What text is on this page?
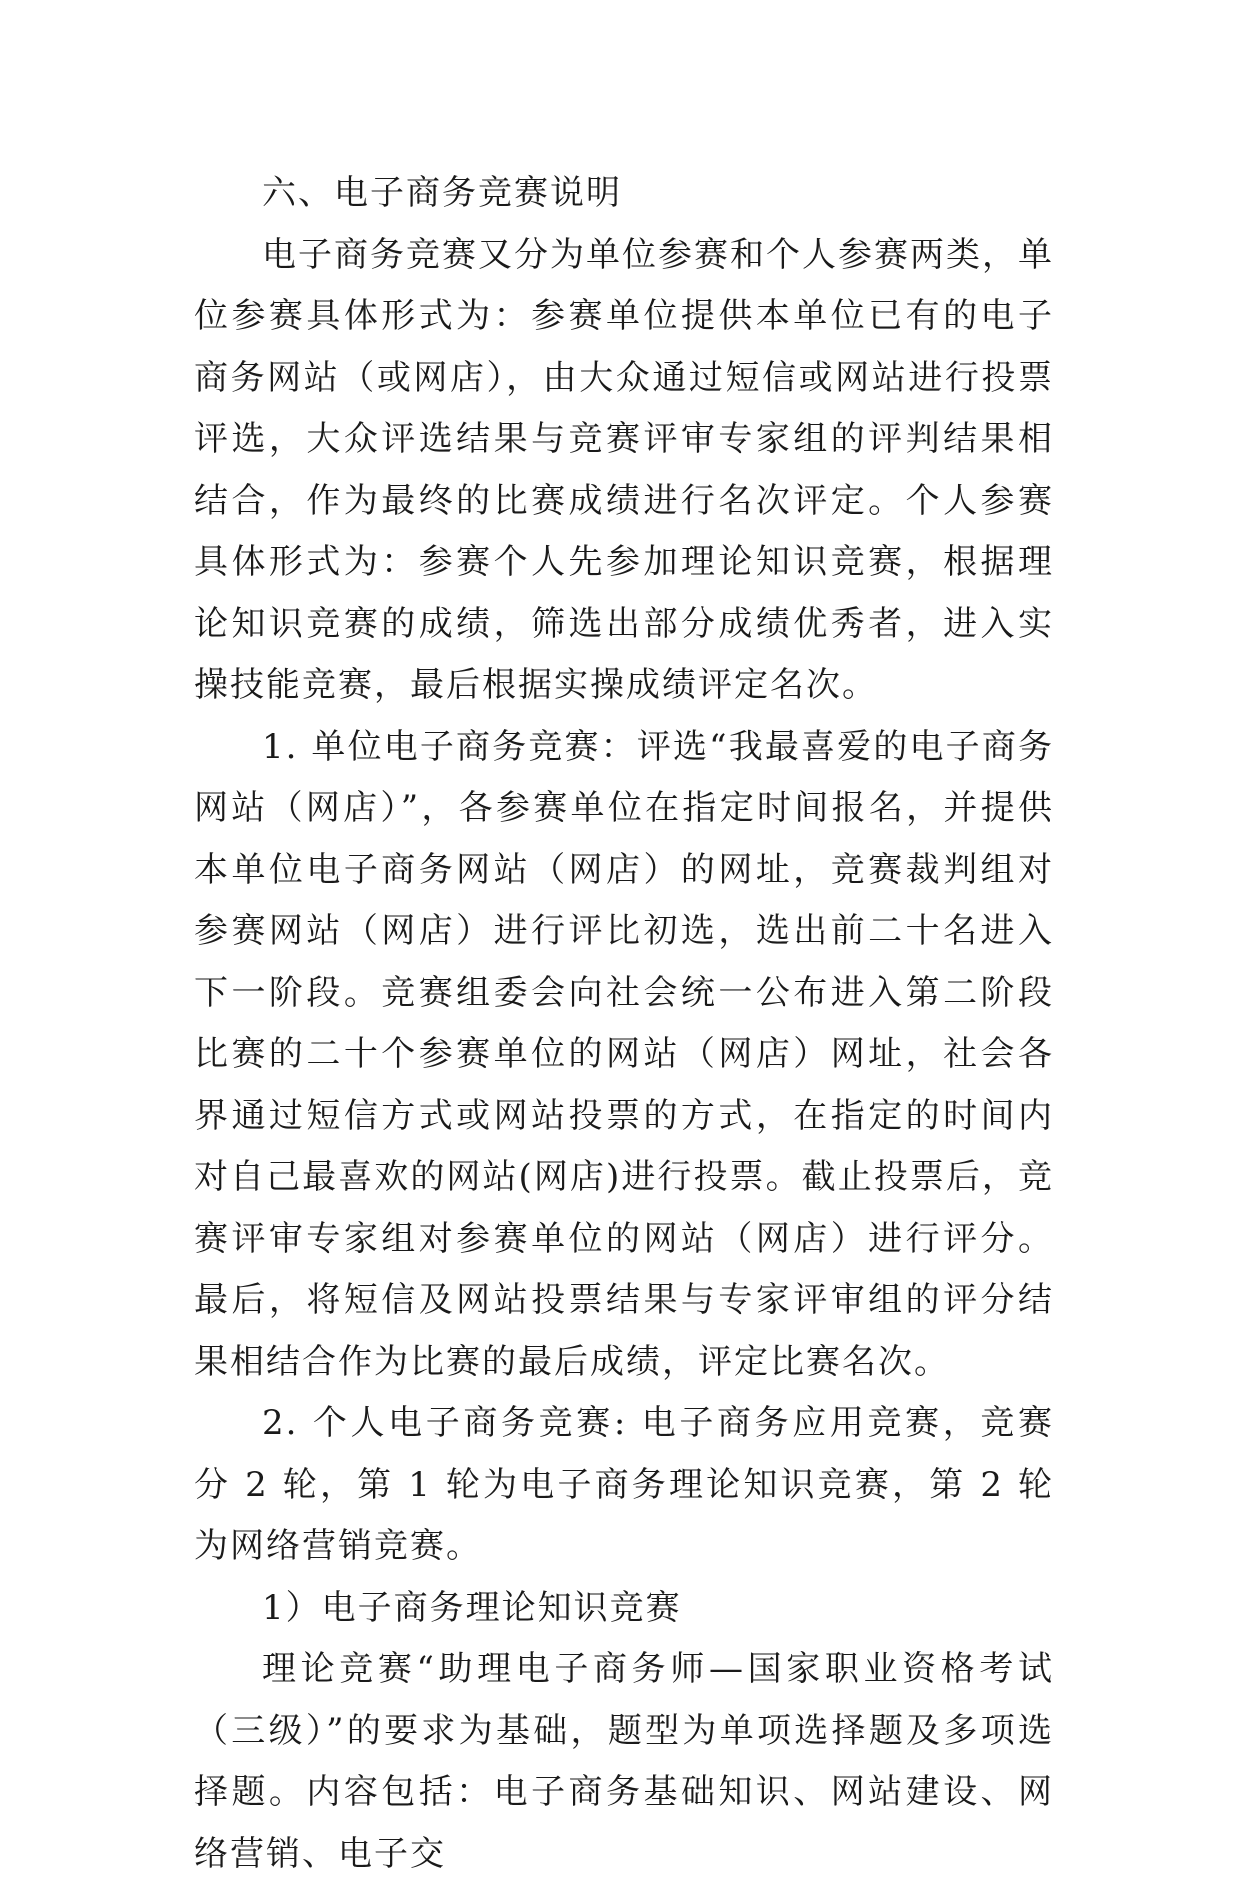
六、电子商务竞赛说明

电子商务竞赛又分为单位参赛和个人参赛两类，单位参赛具体形式为：参赛单位提供本单位已有的电子商务网站（或网店），由大众通过短信或网站进行投票评选，大众评选结果与竞赛评审专家组的评判结果相结合，作为最终的比赛成绩进行名次评定。个人参赛具体形式为：参赛个人先参加理论知识竞赛，根据理论知识竞赛的成绩，筛选出部分成绩优秀者，进入实操技能竞赛，最后根据实操成绩评定名次。

1. 单位电子商务竞赛：评选“我最喜爱的电子商务网站（网店）”，各参赛单位在指定时间报名，并提供本单位电子商务网站（网店）的网址，竞赛裁判组对参赛网站（网店）进行评比初选，选出前二十名进入下一阶段。竞赛组委会向社会统一公布进入第二阶段比赛的二十个参赛单位的网站（网店）网址，社会各界通过短信方式或网站投票的方式，在指定的时间内对自己最喜欢的网站(网店)进行投票。截止投票后，竞赛评审专家组对参赛单位的网站（网店）进行评分。最后，将短信及网站投票结果与专家评审组的评分结果相结合作为比赛的最后成绩，评定比赛名次。

2. 个人电子商务竞赛: 电子商务应用竞赛，竞赛分 2 轮，第 1 轮为电子商务理论知识竞赛，第 2 轮为网络营销竞赛。

1）电子商务理论知识竞赛

理论竞赛“助理电子商务师—国家职业资格考试（三级）”的要求为基础，题型为单项选择题及多项选择题。内容包括：电子商务基础知识、网站建设、网络营销、电子交
